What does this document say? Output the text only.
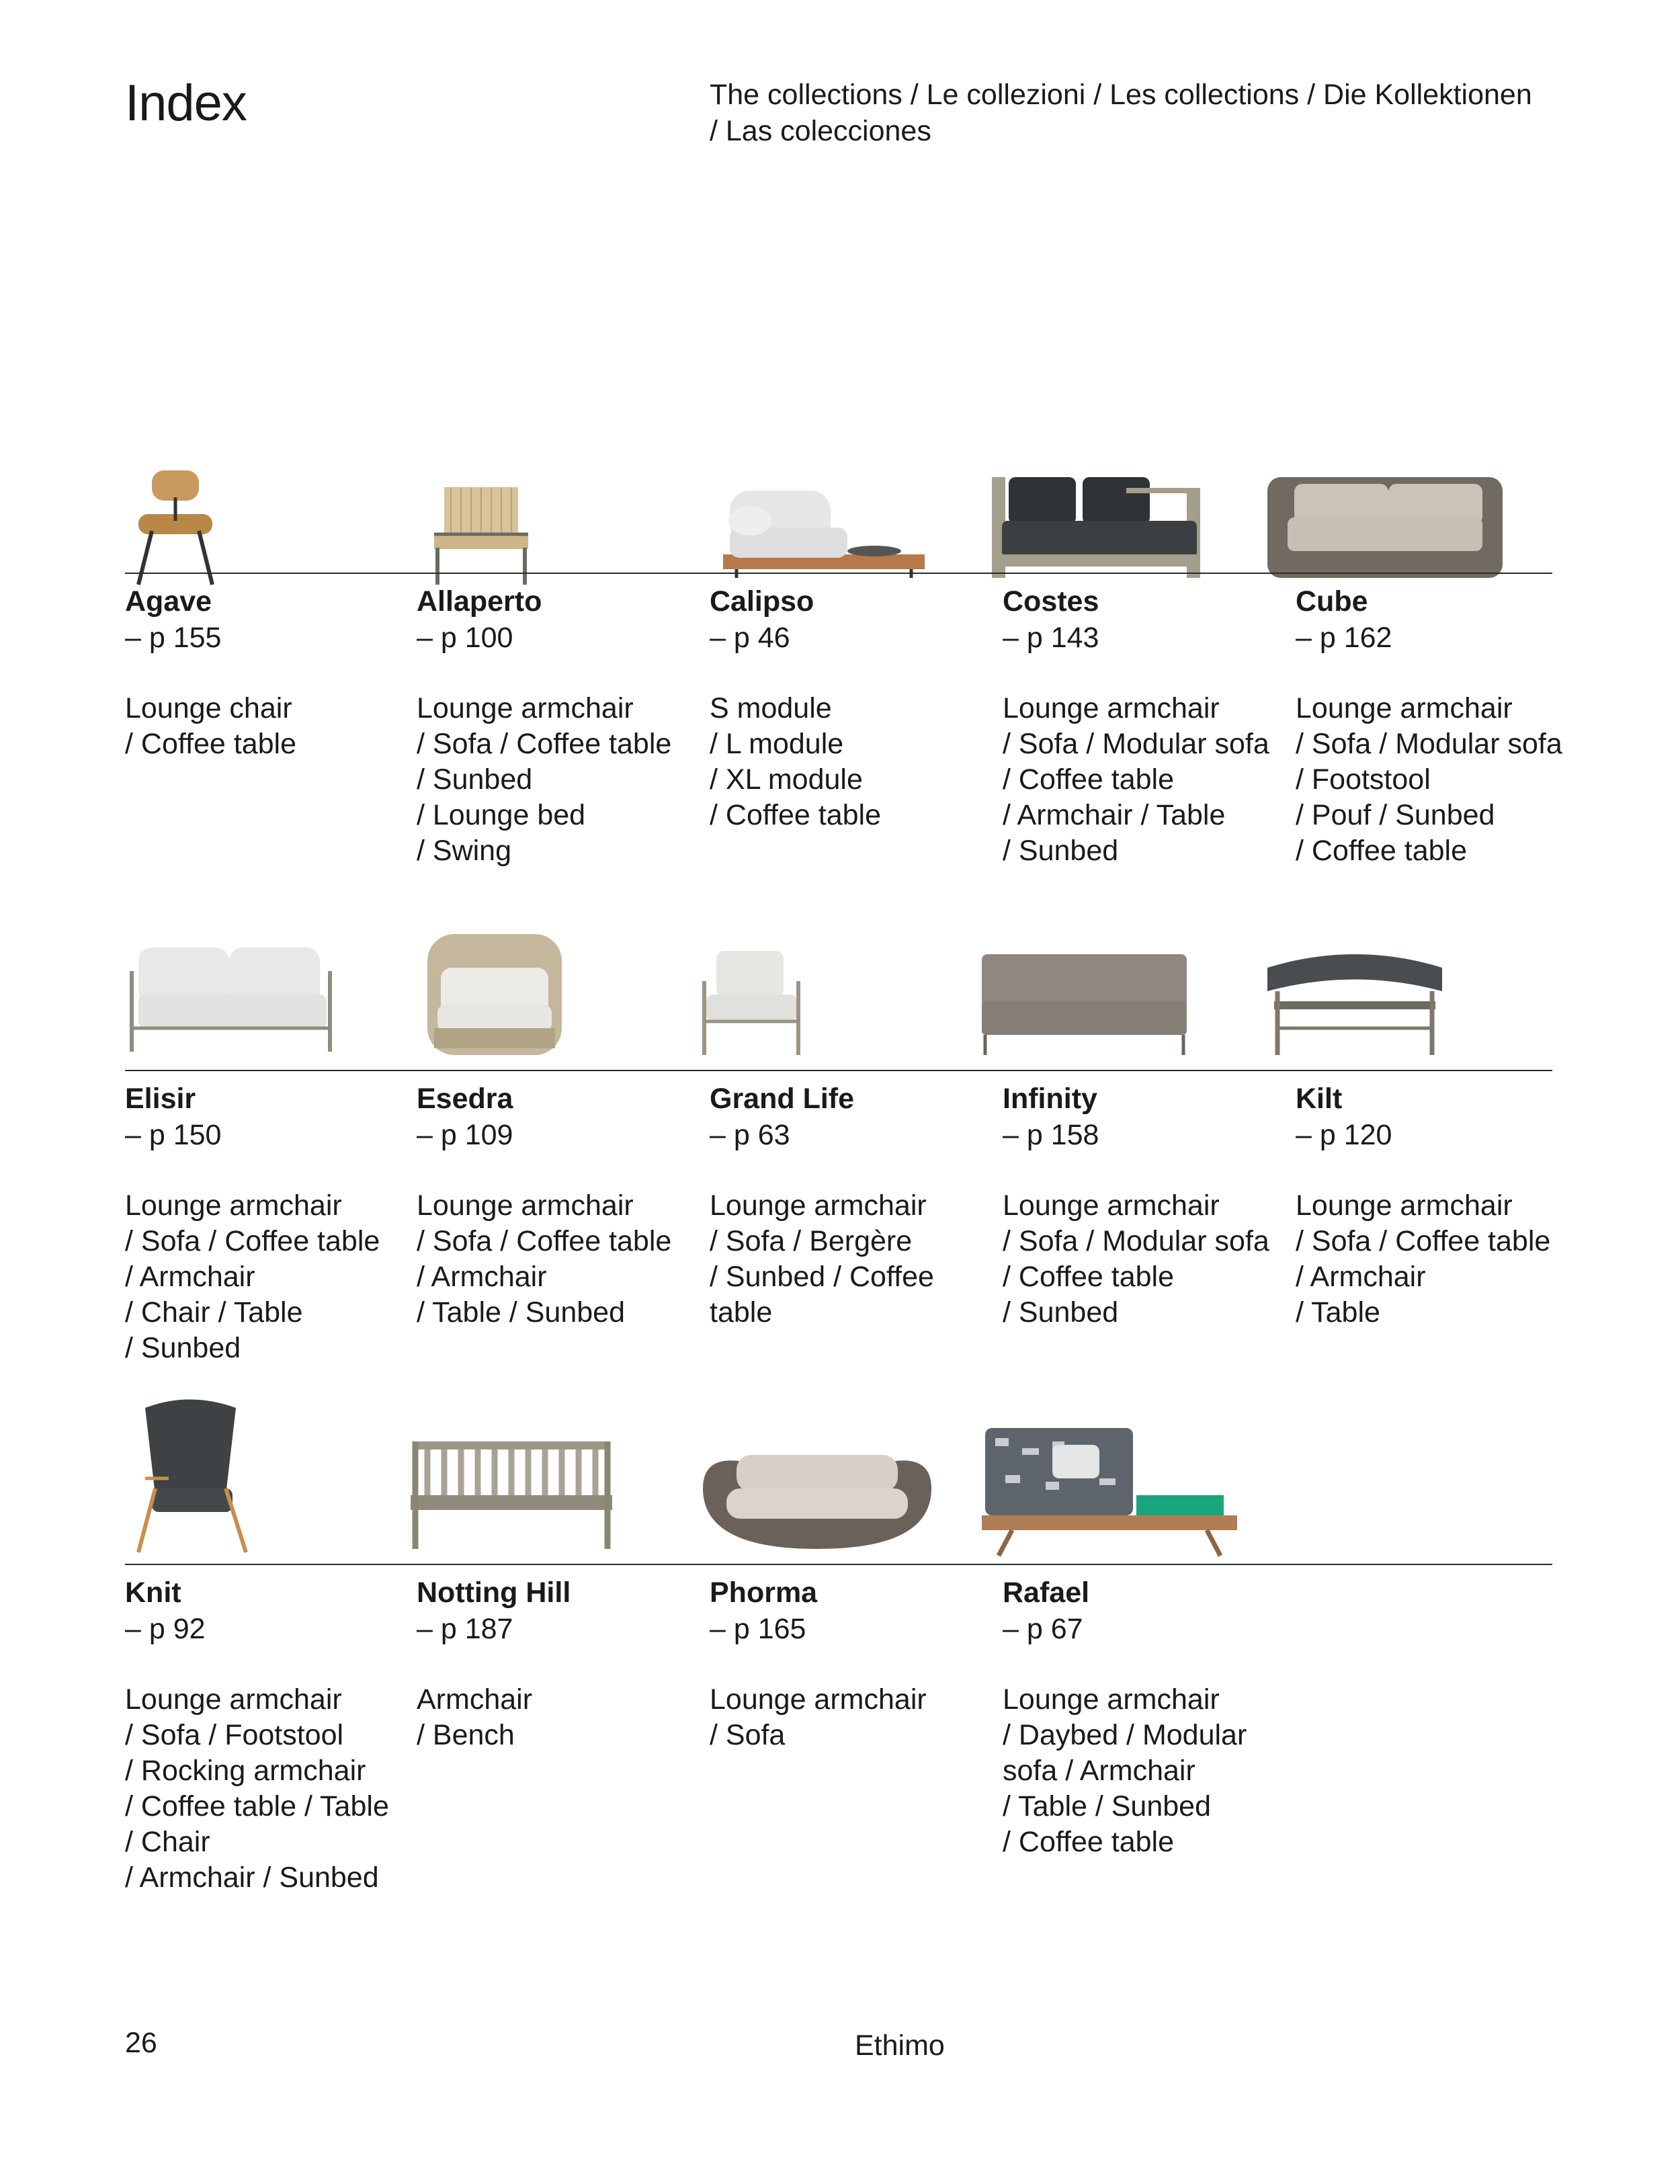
Index	The collections / Le collezioni / Les collections / Die Kollektionen
/ Las colecciones
Agave
– p 155
Lounge chair
/ Coffee table
Allaperto
– p 100
Lounge armchair
/ Sofa / Coffee table
/ Sunbed
/ Lounge bed
/ Swing
Calipso
– p 46
S module
/ L module
/ XL module
/ Coffee table
Costes
– p 143
Lounge armchair
/ Sofa / Modular sofa
/ Coffee table
/ Armchair / Table
/ Sunbed
Cube
– p 162
Lounge armchair
/ Sofa / Modular sofa
/ Footstool
/ Pouf / Sunbed
/ Coffee table
Elisir
– p 150
Lounge armchair
/ Sofa / Coffee table
/ Armchair
/ Chair / Table
/ Sunbed
Esedra
– p 109
Lounge armchair
/ Sofa / Coffee table
/ Armchair
/ Table / Sunbed
Grand Life
– p 63
Lounge armchair
/ Sofa / Bergère
/ Sunbed / Coffee
table
Infinity
– p 158
Lounge armchair
/ Sofa / Modular sofa
/ Coffee table
/ Sunbed
Kilt
– p 120
Lounge armchair
/ Sofa / Coffee table
/ Armchair
/ Table
Knit
– p 92
Lounge armchair
/ Sofa / Footstool
/ Rocking armchair
/ Coffee table / Table
/ Chair
/ Armchair / Sunbed
Notting Hill
– p 187
Armchair
/ Bench
Phorma
– p 165
Lounge armchair
/ Sofa
Rafael
– p 67
Lounge armchair
/ Daybed / Modular
sofa / Armchair
/ Table / Sunbed
/ Coffee table
26	Ethimo
